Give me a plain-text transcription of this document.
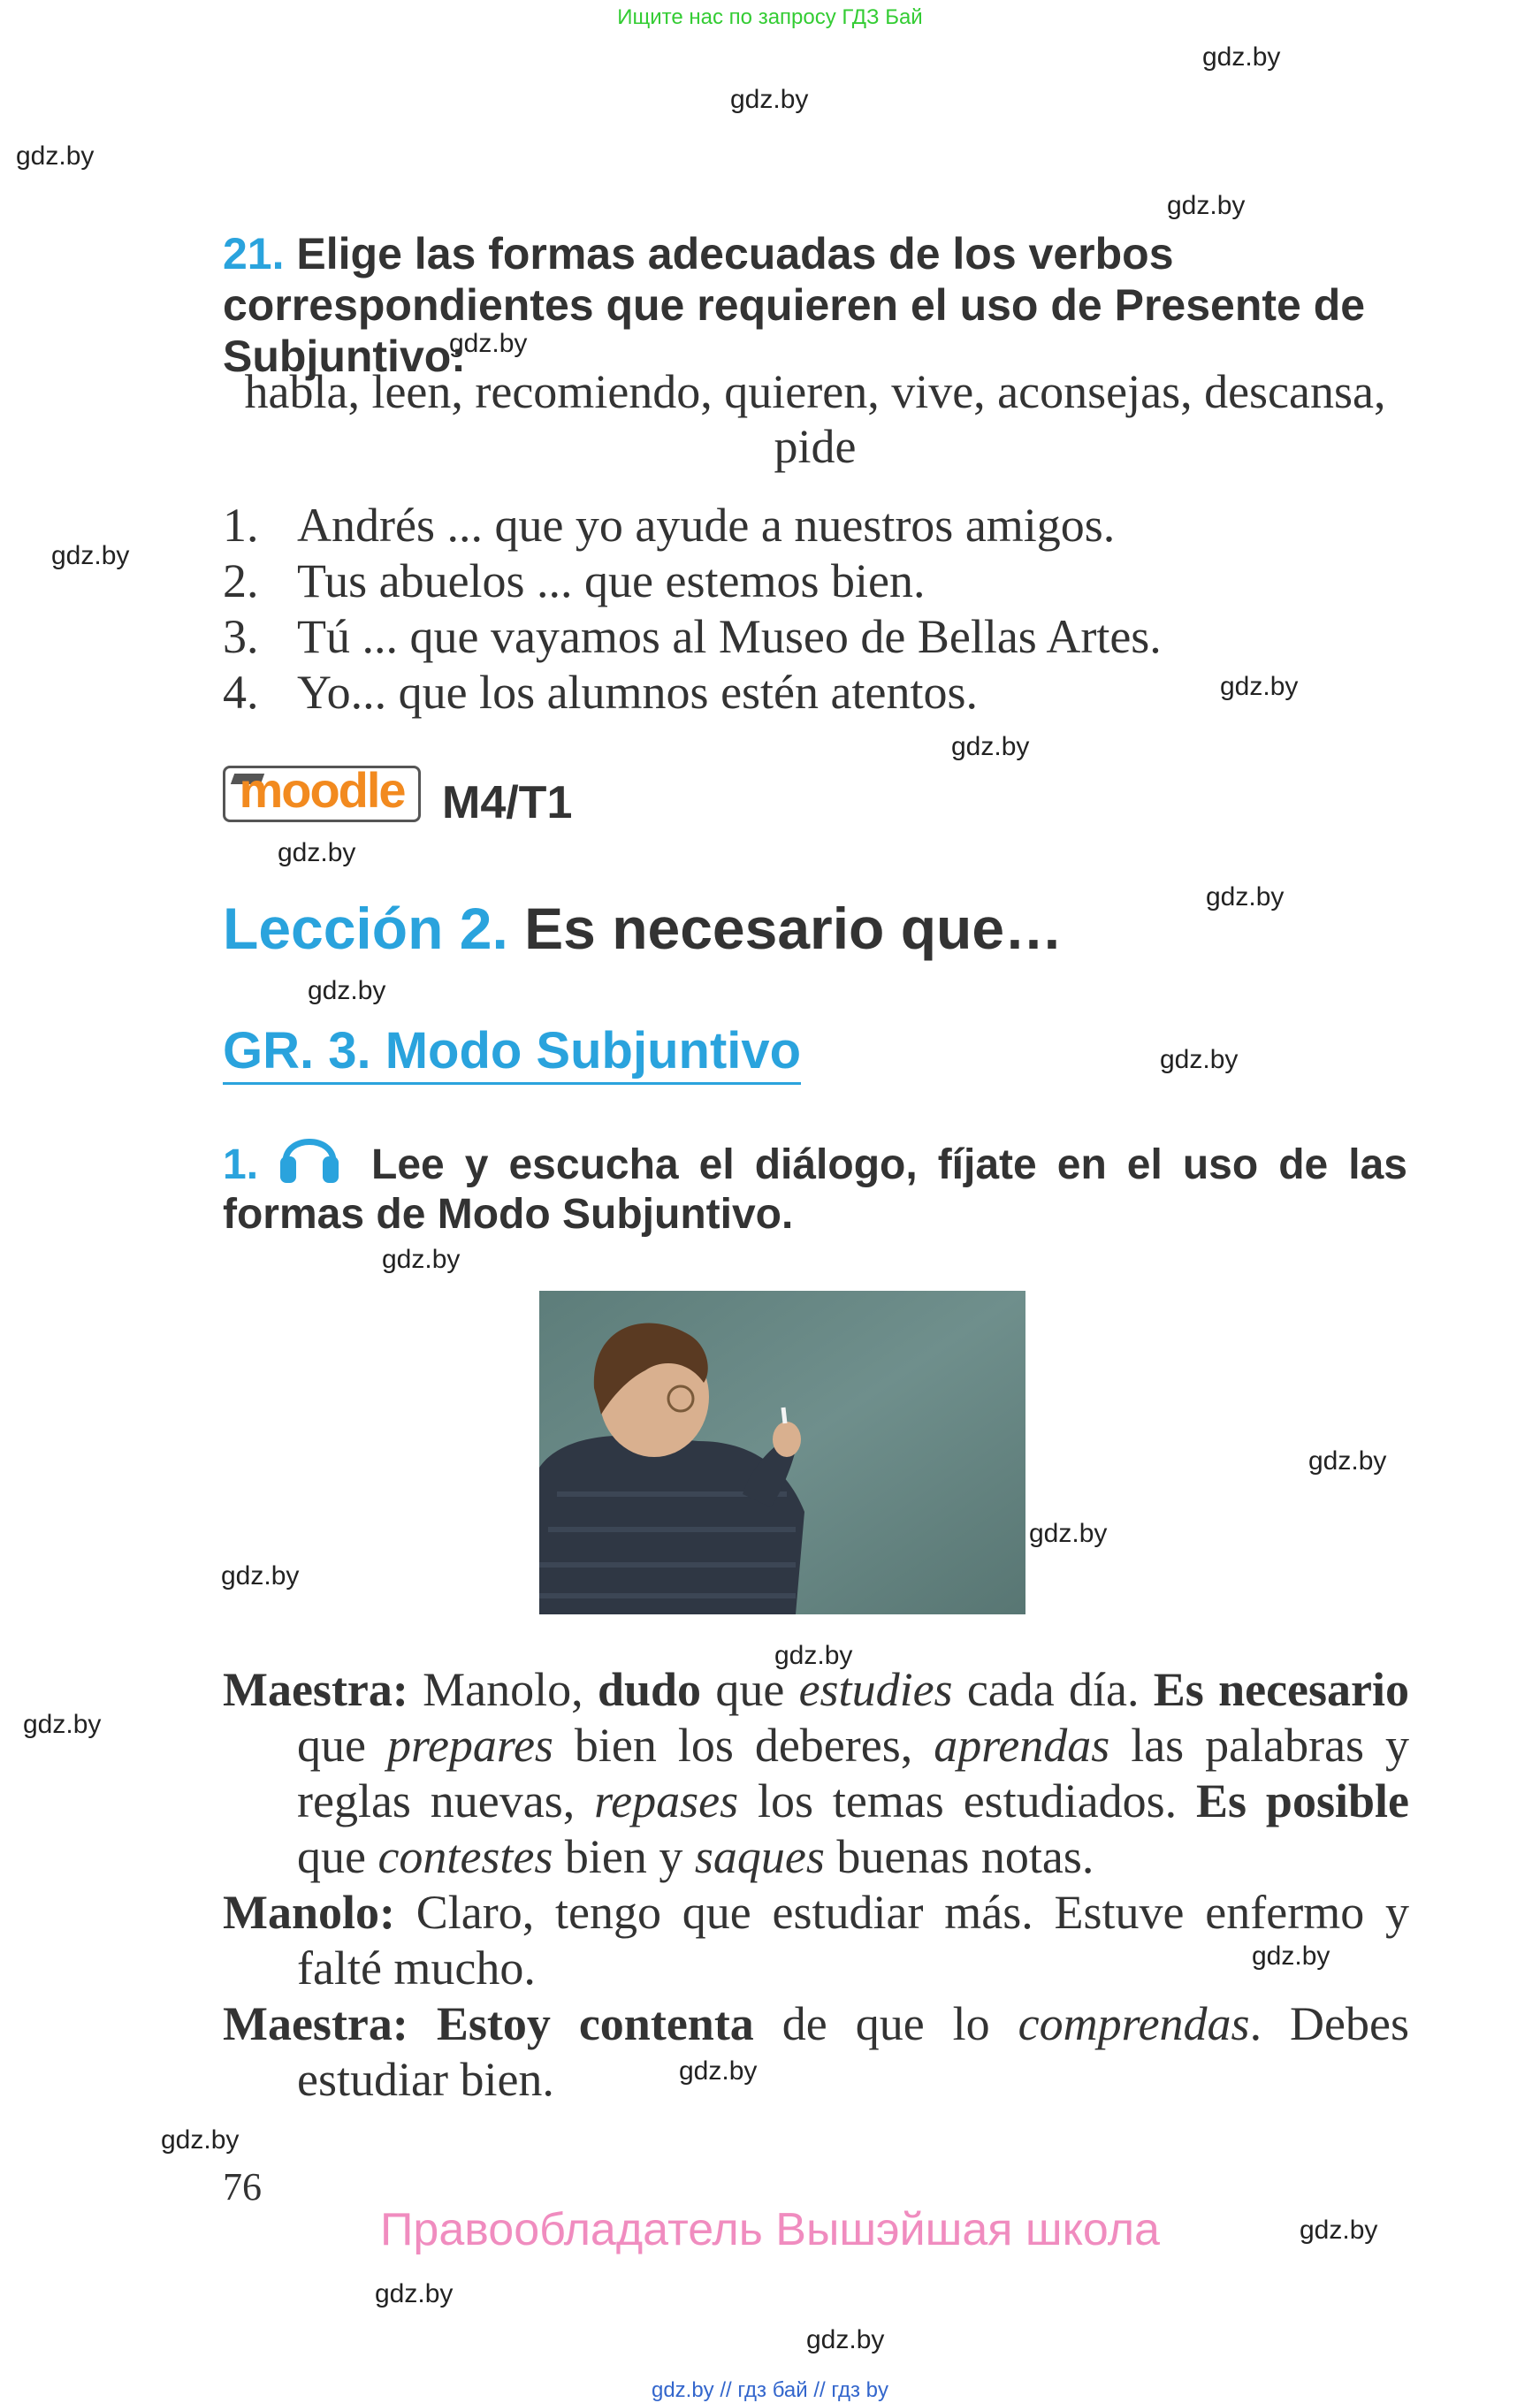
Ищите нас по запросу ГДЗ Бай
gdz.by
gdz.by
gdz.by
gdz.by
gdz.by
gdz.by
gdz.by
gdz.by
gdz.by
gdz.by
gdz.by
gdz.by
gdz.by
gdz.by
gdz.by
gdz.by
gdz.by
gdz.by
gdz.by
gdz.by
gdz.by
gdz.by
gdz.by
gdz.by
21. Elige las formas adecuadas de los verbos correspondientes que requieren el uso de Presente de Subjuntivo:
habla, leen, recomiendo, quieren, vive, aconsejas, descansa, pide
1. Andrés ... que yo ayude a nuestros amigos.
2. Tus abuelos ... que estemos bien.
3. Tú ... que vayamos al Museo de Bellas Artes.
4. Yo... que los alumnos estén atentos.
moodle M4/T1
Lección 2. Es necesario que…
GR. 3. Modo Subjuntivo
1.	Lee y escucha el diálogo, fíjate en el uso de las
formas de Modo Subjuntivo.
Maestra: Manolo, dudo que estudies cada día. Es necesario que prepares bien los deberes, aprendas las palabras y reglas nuevas, repases los temas estudiados. Es posible que contestes bien y saques buenas notas.
Manolo: Claro, tengo que estudiar más. Estuve enfermo y falté mucho.
Maestra: Estoy contenta de que lo comprendas. Debes estudiar bien.
76
Правообладатель Вышэйшая школа
gdz.by // гдз бай // гдз by
